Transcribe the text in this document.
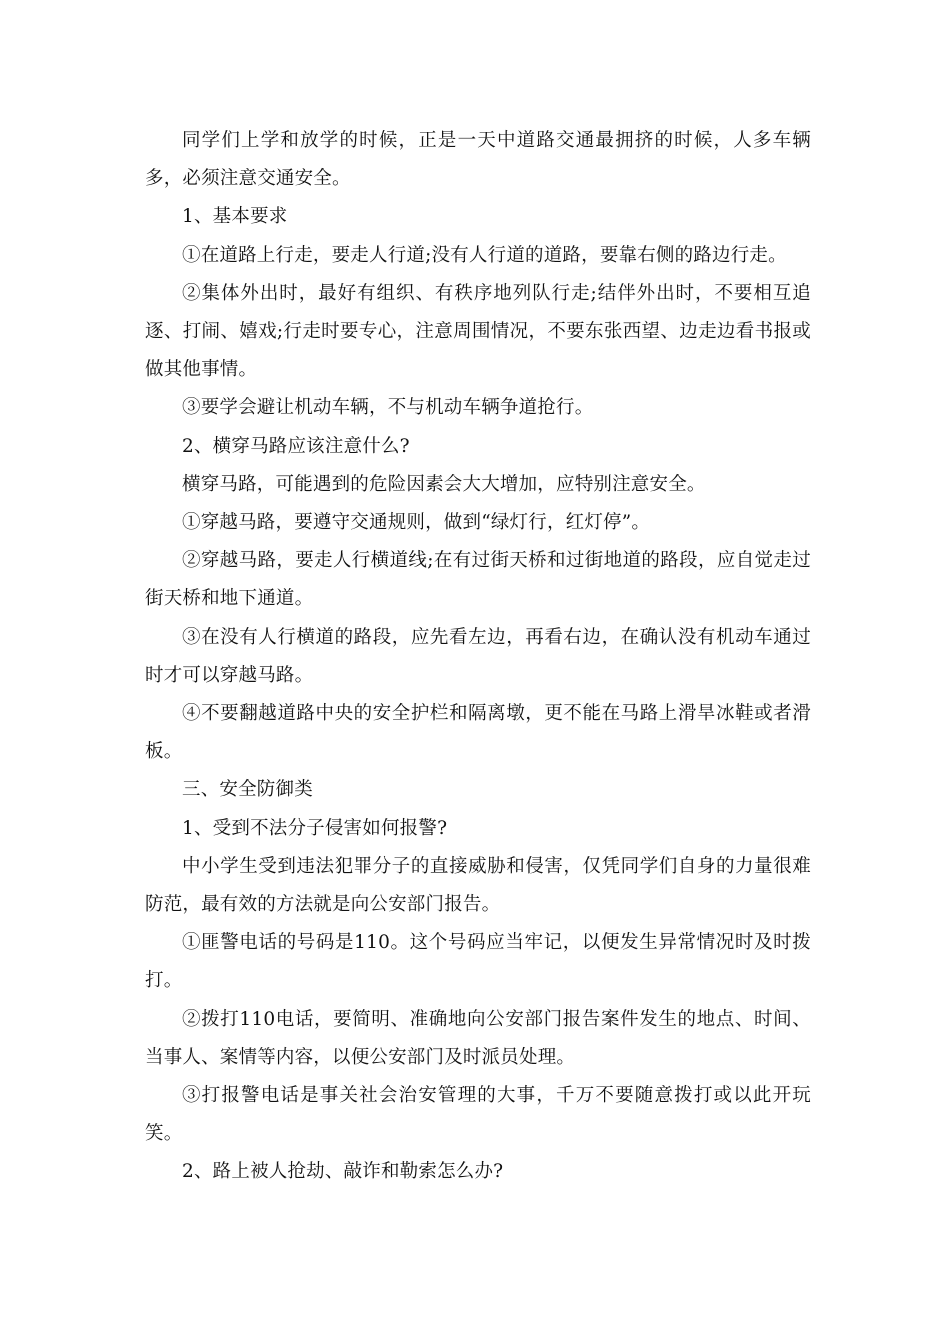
同学们上学和放学的时候，正是一天中道路交通最拥挤的时候，人多车辆多，必须注意交通安全。

1、基本要求

①在道路上行走，要走人行道;没有人行道的道路，要靠右侧的路边行走。

②集体外出时，最好有组织、有秩序地列队行走;结伴外出时，不要相互追逐、打闹、嬉戏;行走时要专心，注意周围情况，不要东张西望、边走边看书报或做其他事情。

③要学会避让机动车辆，不与机动车辆争道抢行。

2、横穿马路应该注意什么?

横穿马路，可能遇到的危险因素会大大增加，应特别注意安全。

①穿越马路，要遵守交通规则，做到“绿灯行，红灯停”。

②穿越马路，要走人行横道线;在有过街天桥和过街地道的路段，应自觉走过街天桥和地下通道。

③在没有人行横道的路段，应先看左边，再看右边，在确认没有机动车通过时才可以穿越马路。

④不要翻越道路中央的安全护栏和隔离墩，更不能在马路上滑旱冰鞋或者滑板。

三、安全防御类

1、受到不法分子侵害如何报警?

中小学生受到违法犯罪分子的直接威胁和侵害，仅凭同学们自身的力量很难防范，最有效的方法就是向公安部门报告。

①匪警电话的号码是110。这个号码应当牢记，以便发生异常情况时及时拨打。

②拨打110电话，要简明、准确地向公安部门报告案件发生的地点、时间、当事人、案情等内容，以便公安部门及时派员处理。

③打报警电话是事关社会治安管理的大事，千万不要随意拨打或以此开玩笑。

2、路上被人抢劫、敲诈和勒索怎么办?
